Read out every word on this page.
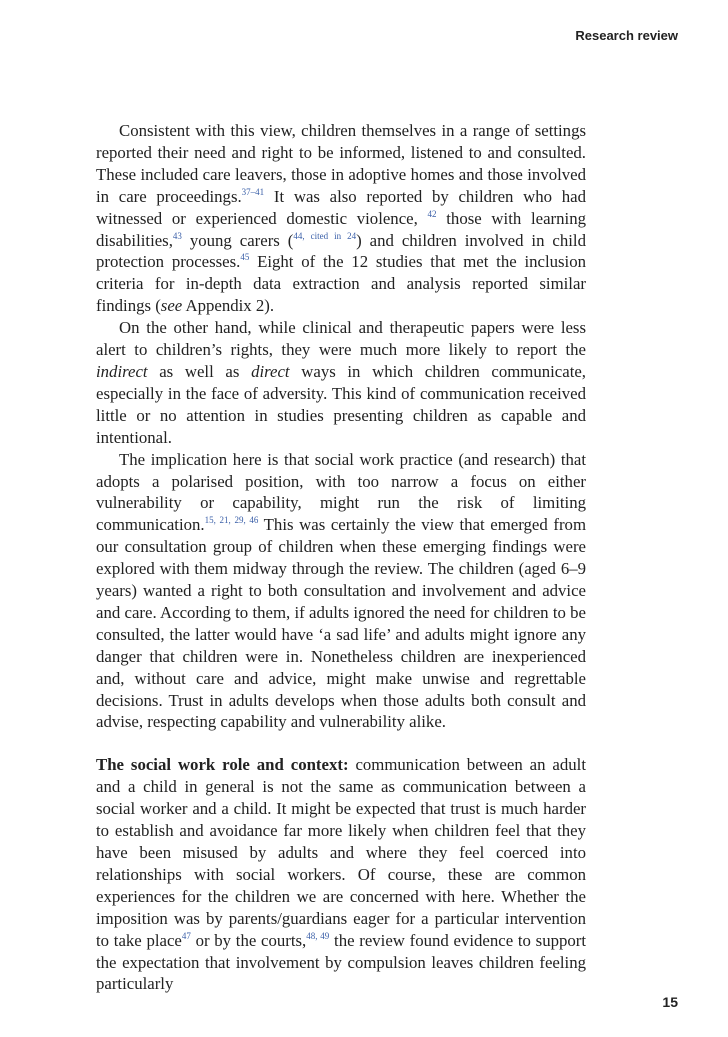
Research review

Consistent with this view, children themselves in a range of settings reported their need and right to be informed, listened to and consulted. These included care leavers, those in adoptive homes and those involved in care proceedings.$^{37-41}$ It was also reported by children who had witnessed or experienced domestic violence, $^{42}$ those with learning disabilities,$^{43}$ young carers ($^{44, cited in 24}$) and children involved in child protection processes.$^{45}$ Eight of the 12 studies that met the inclusion criteria for in-depth data extraction and analysis reported similar findings (see Appendix 2).

On the other hand, while clinical and therapeutic papers were less alert to children’s rights, they were much more likely to report the indirect as well as direct ways in which children communicate, especially in the face of adversity. This kind of communication received little or no attention in studies presenting children as capable and intentional.

The implication here is that social work practice (and research) that adopts a polarised position, with too narrow a focus on either vulnerability or capability, might run the risk of limiting communication.$^{15, 21, 29, 46}$ This was certainly the view that emerged from our consultation group of children when these emerging findings were explored with them midway through the review. The children (aged 6–9 years) wanted a right to both consultation and involvement and advice and care. According to them, if adults ignored the need for children to be consulted, the latter would have ‘a sad life’ and adults might ignore any danger that children were in. Nonetheless children are inexperienced and, without care and advice, might make unwise and regrettable decisions. Trust in adults develops when those adults both consult and advise, respecting capability and vulnerability alike.

The social work role and context: communication between an adult and a child in general is not the same as communication between a social worker and a child. It might be expected that trust is much harder to establish and avoidance far more likely when children feel that they have been misused by adults and where they feel coerced into relationships with social workers. Of course, these are common experiences for the children we are concerned with here. Whether the imposition was by parents/guardians eager for a particular intervention to take place$^{47}$ or by the courts,$^{48, 49}$ the review found evidence to support the expectation that involvement by compulsion leaves children feeling particularly

15
